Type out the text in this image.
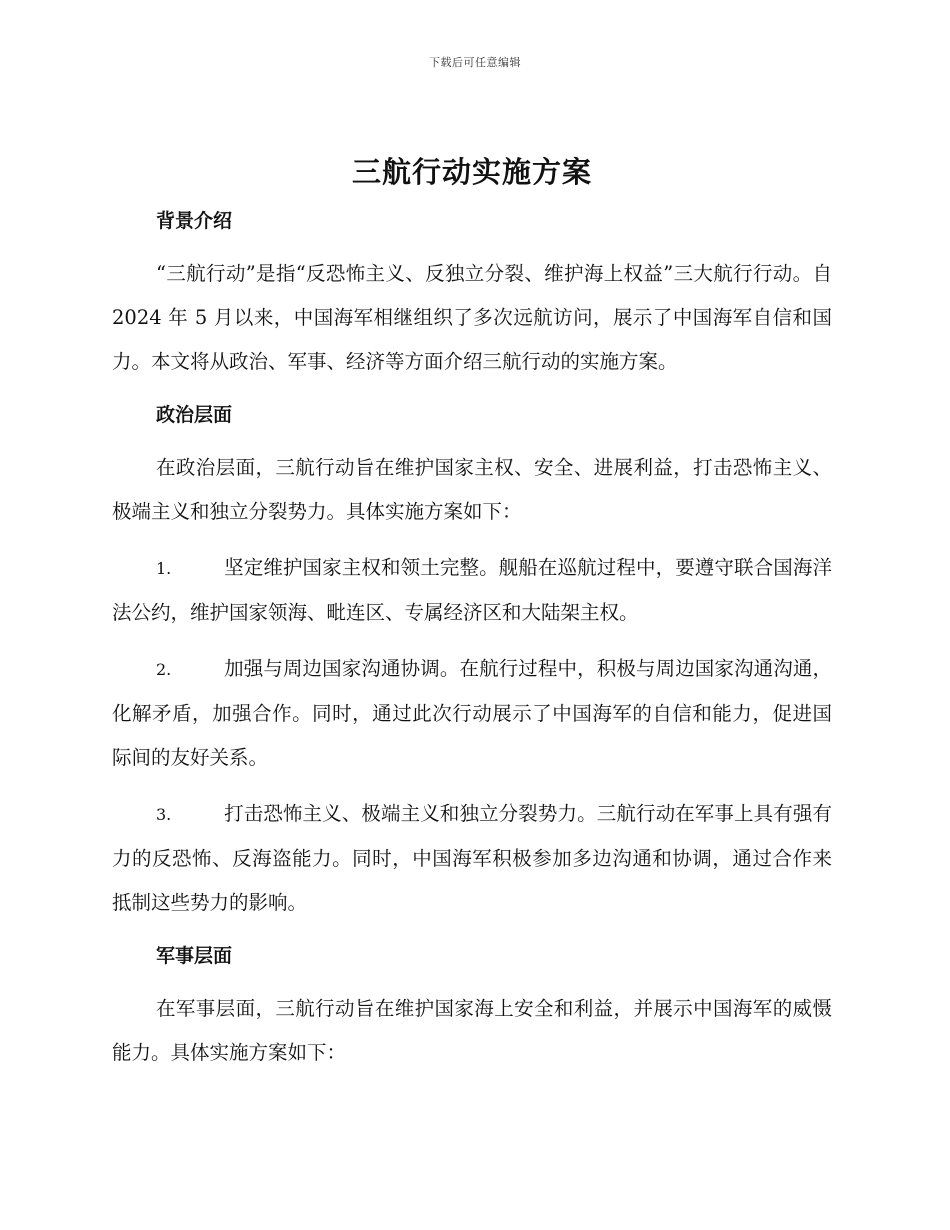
下载后可任意编辑
三航行动实施方案
背景介绍

“三航行动”是指“反恐怖主义、反独立分裂、维护海上权益”三大航行行动。自 2024 年 5 月以来，中国海军相继组织了多次远航访问，展示了中国海军自信和国力。本文将从政治、军事、经济等方面介绍三航行动的实施方案。

政治层面

在政治层面，三航行动旨在维护国家主权、安全、进展利益，打击恐怖主义、极端主义和独立分裂势力。具体实施方案如下：

1.	坚定维护国家主权和领土完整。舰船在巡航过程中，要遵守联合国海洋法公约，维护国家领海、毗连区、专属经济区和大陆架主权。
2.	加强与周边国家沟通协调。在航行过程中，积极与周边国家沟通沟通，化解矛盾，加强合作。同时，通过此次行动展示了中国海军的自信和能力，促进国际间的友好关系。
3.	打击恐怖主义、极端主义和独立分裂势力。三航行动在军事上具有强有力的反恐怖、反海盗能力。同时，中国海军积极参加多边沟通和协调，通过合作来抵制这些势力的影响。
军事层面

在军事层面，三航行动旨在维护国家海上安全和利益，并展示中国海军的威慑能力。具体实施方案如下：
